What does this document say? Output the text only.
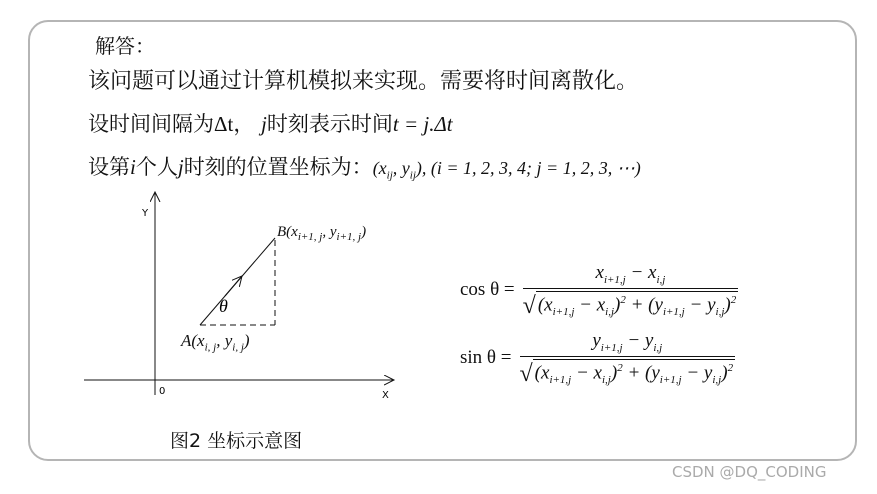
解答：
该问题可以通过计算机模拟来实现。需要将时间离散化。
设时间间隔为Δt， j时刻表示时间t = j.Δt
设第i个人j时刻的位置坐标为：($x_{ij}$, $y_{ij}$), (i = 1, 2, 3, 4; j = 1, 2, 3, ⋯)
Y
X
0
θ
$B(x_{i+1, j}$, $y_{i+1, j}$)
$A(x_{i, j}$, $y_{i, j}$)
图2 坐标示意图
$\cos \theta = \frac{x_{i+1,j} - x_{i,j}}{√ (x_{i+1,j} - x_{i,j})^2 + (y_{i+1,j} - y_{i,j})^2}$
$\sin \theta = \frac{y_{i+1,j} - y_{i,j}}{√ (x_{i+1,j} - x_{i,j})^2 + (y_{i+1,j} - y_{i,j})^2}$
CSDN @DQ_CODING
